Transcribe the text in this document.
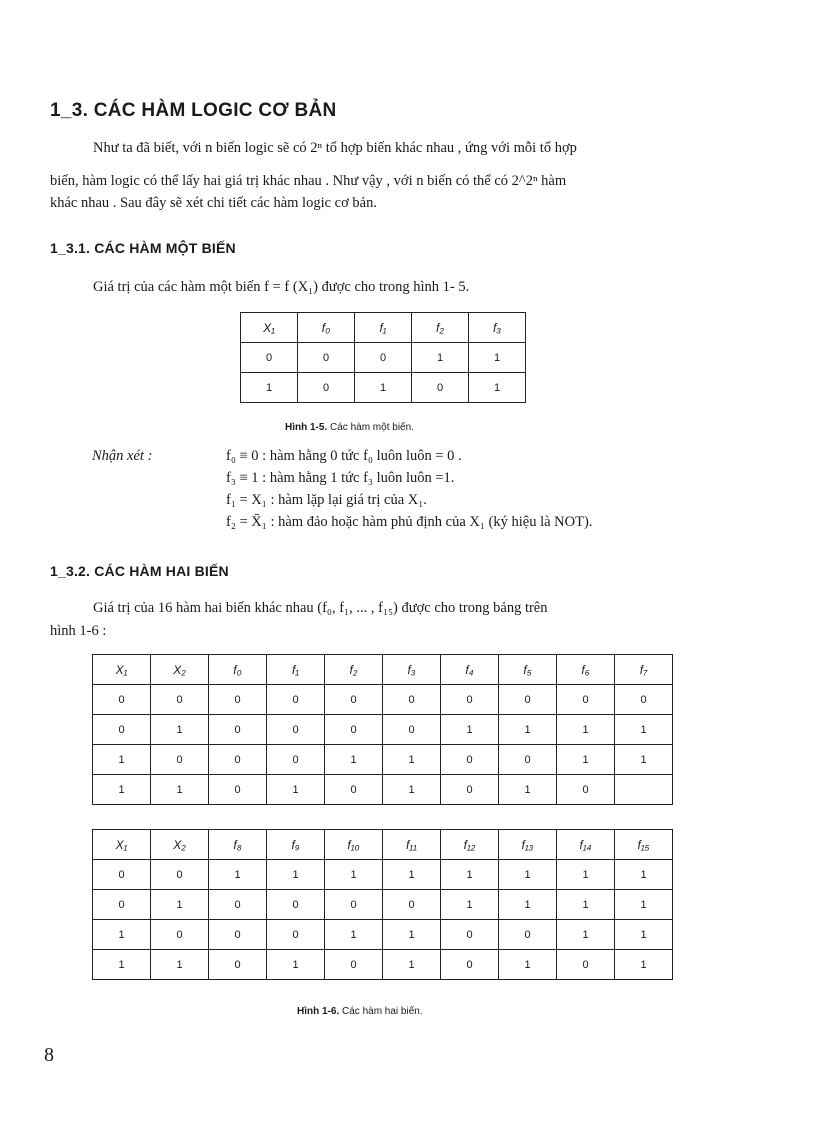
1_3. CÁC HÀM LOGIC CƠ BẢN
Như ta đã biết, với n biến logic sẽ có 2ⁿ tổ hợp biến khác nhau , ứng với mỗi tổ hợp
biến, hàm logic có thể lấy hai giá trị khác nhau . Như vậy , với n biến có thể có 2^2ⁿ hàm
khác nhau . Sau đây sẽ xét chi tiết các hàm logic cơ bản.
1_3.1. CÁC HÀM MỘT BIẾN
Giá trị của các hàm một biến f = f (X₁) được cho trong hình 1- 5.
X₁	f₀	f₁	f₂	f₃
0	0	0	1	1
1	0	1	0	1
Hình 1-5. Các hàm một biến.
Nhận xét :	f₀ ≡ 0 : hàm hằng 0 tức f₀ luôn luôn = 0 .
f₃ ≡ 1 : hàm hằng 1 tức f₃ luôn luôn =1.
f₁ = X₁ : hàm lặp lại giá trị của X₁.
f₂ = X̄₁ : hàm đảo hoặc hàm phủ định của X₁ (ký hiệu là NOT).
1_3.2. CÁC HÀM HAI BIẾN
Giá trị của 16 hàm hai biến khác nhau (f₀, f₁, ... , f₁₅) được cho trong bảng trên
hình 1-6 :
X₁	X₂	f₀	f₁	f₂	f₃	f₄	f₅	f₆	f₇
0	0	0	0	0	0	0	0	0	0
0	1	0	0	0	0	1	1	1	1
1	0	0	0	1	1	0	0	1	1
1	1	0	1	0	1	0	1	0	
X₁	X₂	f₈	f₉	f₁₀	f₁₁	f₁₂	f₁₃	f₁₄	f₁₅
0	0	1	1	1	1	1	1	1	1
0	1	0	0	0	0	1	1	1	1
1	0	0	0	1	1	0	0	1	1
1	1	0	1	0	1	0	1	0	1
Hình 1-6. Các hàm hai biến.
8
